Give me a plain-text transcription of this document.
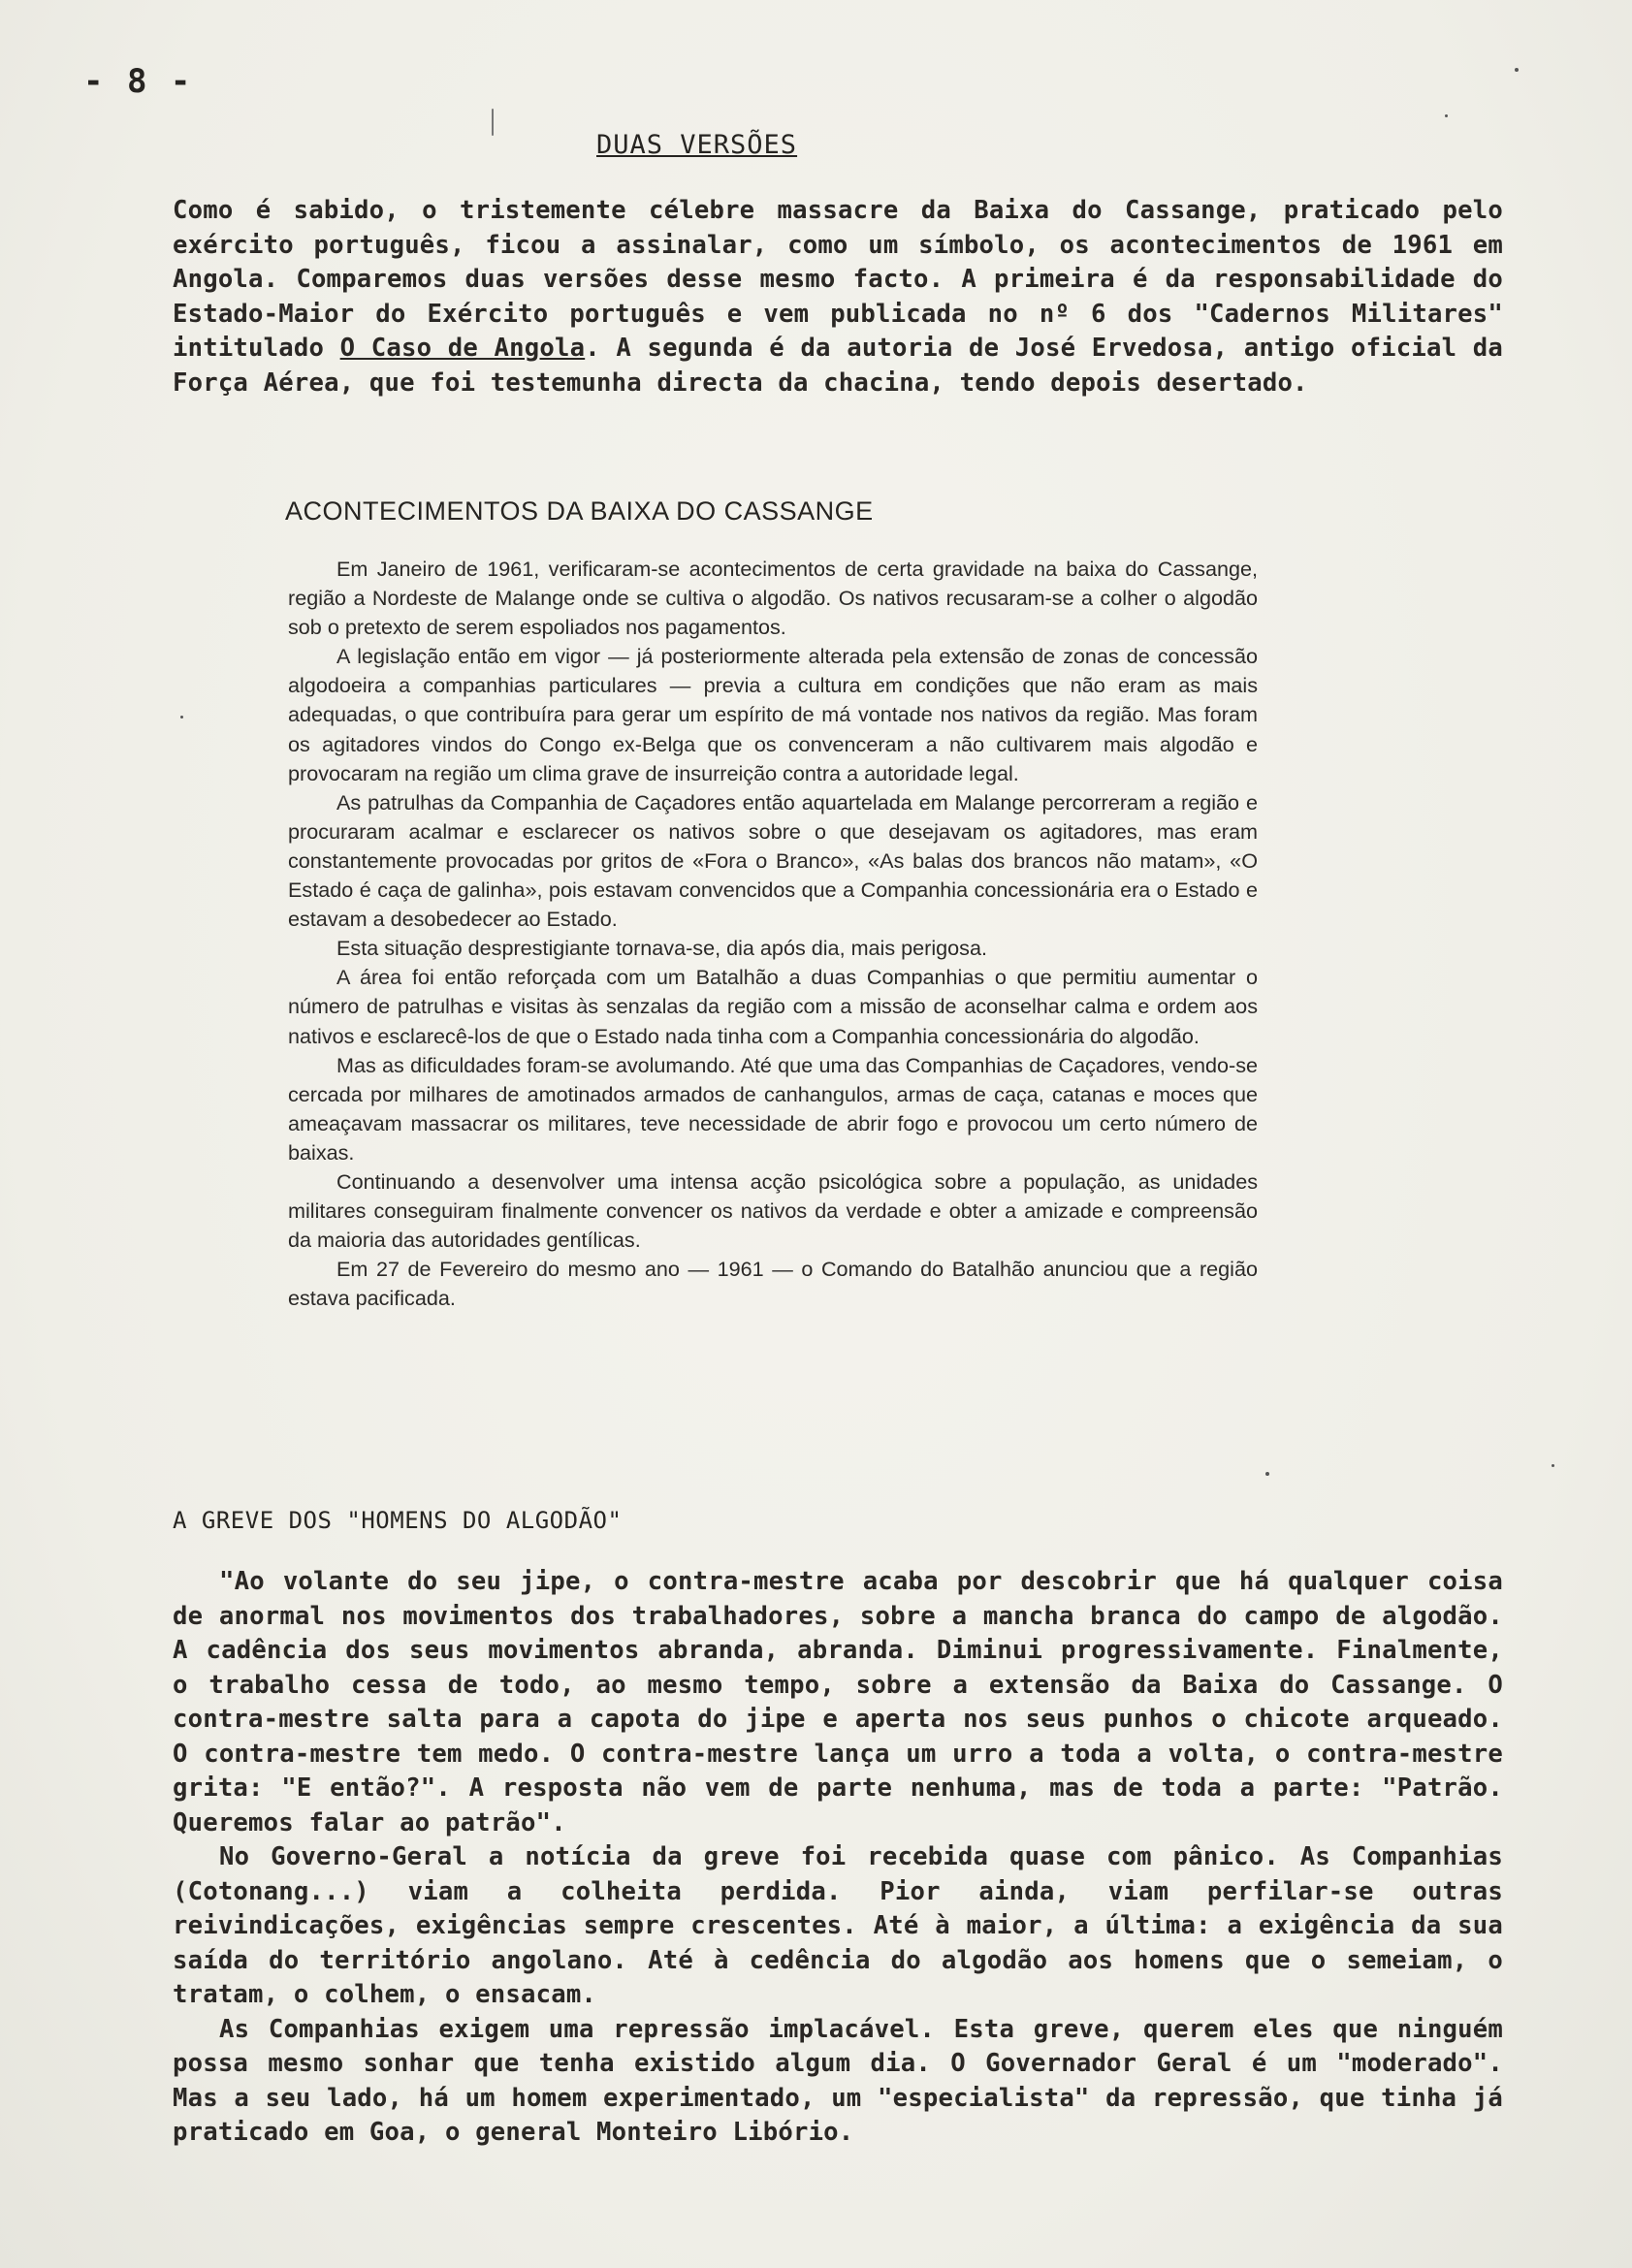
- 8 -
DUAS VERSÕES

Como é sabido, o tristemente célebre massacre da Baixa do Cassange, praticado pelo exército português, ficou a assinalar, como um símbolo, os acontecimentos de 1961 em Angola. Comparemos duas versões desse mesmo facto. A primeira é da responsabilidade do Estado-Maior do Exército português e vem publicada no nº 6 dos "Cadernos Militares" intitulado O Caso de Angola. A segunda é da autoria de José Ervedosa, antigo oficial da Força Aérea, que foi testemunha directa da chacina, tendo depois desertado.

ACONTECIMENTOS DA BAIXA DO CASSANGE

Em Janeiro de 1961, verificaram-se acontecimentos de certa gravidade na baixa do Cassange, região a Nordeste de Malange onde se cultiva o algodão. Os nativos recusaram-se a colher o algodão sob o pretexto de serem espoliados nos pagamentos.

A legislação então em vigor — já posteriormente alterada pela extensão de zonas de concessão algodoeira a companhias particulares — previa a cultura em condições que não eram as mais adequadas, o que contribuíra para gerar um espírito de má vontade nos nativos da região. Mas foram os agitadores vindos do Congo ex-Belga que os convenceram a não cultivarem mais algodão e provocaram na região um clima grave de insurreição contra a autoridade legal.

As patrulhas da Companhia de Caçadores então aquartelada em Malange percorreram a região e procuraram acalmar e esclarecer os nativos sobre o que desejavam os agitadores, mas eram constantemente provocadas por gritos de «Fora o Branco», «As balas dos brancos não matam», «O Estado é caça de galinha», pois estavam convencidos que a Companhia concessionária era o Estado e estavam a desobedecer ao Estado.

Esta situação desprestigiante tornava-se, dia após dia, mais perigosa.

A área foi então reforçada com um Batalhão a duas Companhias o que permitiu aumentar o número de patrulhas e visitas às senzalas da região com a missão de aconselhar calma e ordem aos nativos e esclarecê-los de que o Estado nada tinha com a Companhia concessionária do algodão.

Mas as dificuldades foram-se avolumando. Até que uma das Companhias de Caçadores, vendo-se cercada por milhares de amotinados armados de canhangulos, armas de caça, catanas e moces que ameaçavam massacrar os militares, teve necessidade de abrir fogo e provocou um certo número de baixas.

Continuando a desenvolver uma intensa acção psicológica sobre a população, as unidades militares conseguiram finalmente convencer os nativos da verdade e obter a amizade e compreensão da maioria das autoridades gentílicas.

Em 27 de Fevereiro do mesmo ano — 1961 — o Comando do Batalhão anunciou que a região estava pacificada.

A GREVE DOS "HOMENS DO ALGODÃO"

"Ao volante do seu jipe, o contra-mestre acaba por descobrir que há qualquer coisa de anormal nos movimentos dos trabalhadores, sobre a mancha branca do campo de algodão. A cadência dos seus movimentos abranda, abranda. Diminui progressivamente. Finalmente, o trabalho cessa de todo, ao mesmo tempo, sobre a extensão da Baixa do Cassange. O contra-mestre salta para a capota do jipe e aperta nos seus punhos o chicote arqueado. O contra-mestre tem medo. O contra-mestre lança um urro a toda a volta, o contra-mestre grita: "E então?". A resposta não vem de parte nenhuma, mas de toda a parte: "Patrão. Queremos falar ao patrão".

No Governo-Geral a notícia da greve foi recebida quase com pânico. As Companhias (Cotonang...) viam a colheita perdida. Pior ainda, viam perfilar-se outras reivindicações, exigências sempre crescentes. Até à maior, a última: a exigência da sua saída do território angolano. Até à cedência do algodão aos homens que o semeiam, o tratam, o colhem, o ensacam.

As Companhias exigem uma repressão implacável. Esta greve, querem eles que ninguém possa mesmo sonhar que tenha existido algum dia. O Governador Geral é um "moderado". Mas a seu lado, há um homem experimentado, um "especialista" da repressão, que tinha já praticado em Goa, o general Monteiro Libório.
